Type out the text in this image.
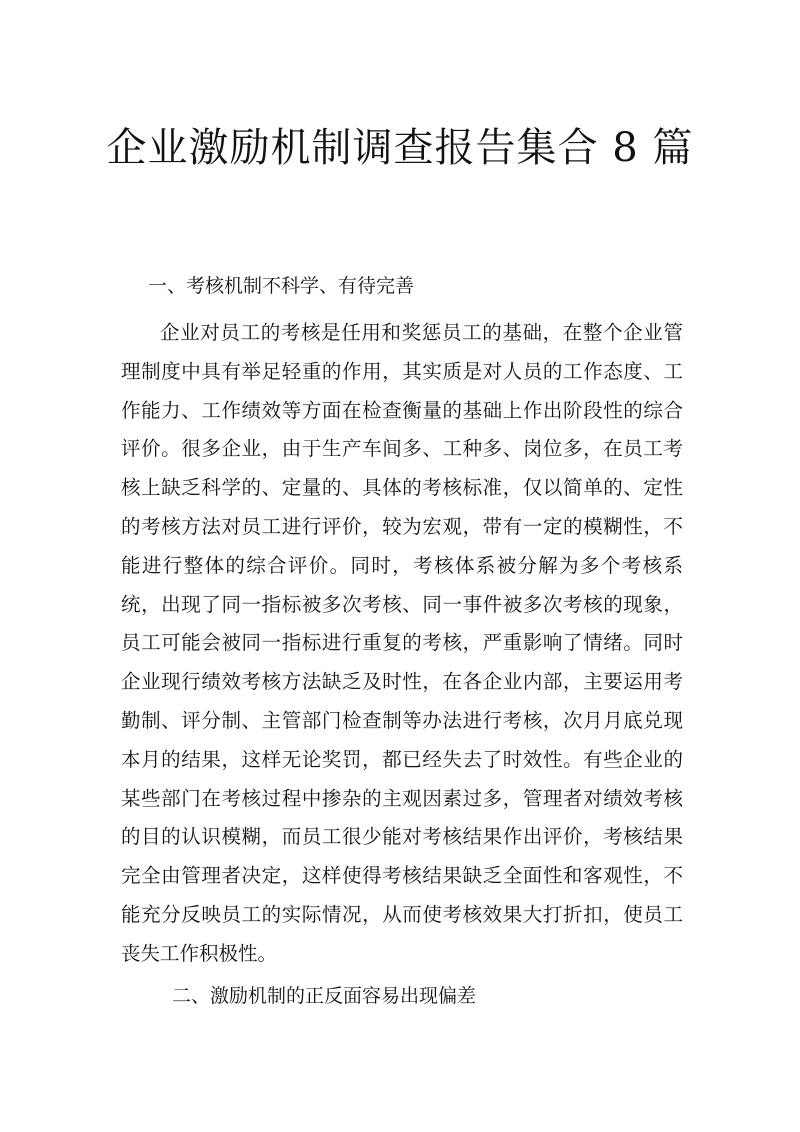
企业激励机制调查报告集合 8 篇

一、考核机制不科学、有待完善

企业对员工的考核是任用和奖惩员工的基础，在整个企业管理制度中具有举足轻重的作用，其实质是对人员的工作态度、工作能力、工作绩效等方面在检查衡量的基础上作出阶段性的综合评价。很多企业，由于生产车间多、工种多、岗位多，在员工考核上缺乏科学的、定量的、具体的考核标准，仅以简单的、定性的考核方法对员工进行评价，较为宏观，带有一定的模糊性，不能进行整体的综合评价。同时，考核体系被分解为多个考核系统，出现了同一指标被多次考核、同一事件被多次考核的现象，员工可能会被同一指标进行重复的考核，严重影响了情绪。同时企业现行绩效考核方法缺乏及时性，在各企业内部，主要运用考勤制、评分制、主管部门检查制等办法进行考核，次月月底兑现本月的结果，这样无论奖罚，都已经失去了时效性。有些企业的某些部门在考核过程中掺杂的主观因素过多，管理者对绩效考核的目的认识模糊，而员工很少能对考核结果作出评价，考核结果完全由管理者决定，这样使得考核结果缺乏全面性和客观性，不能充分反映员工的实际情况，从而使考核效果大打折扣，使员工丧失工作积极性。

二、激励机制的正反面容易出现偏差
